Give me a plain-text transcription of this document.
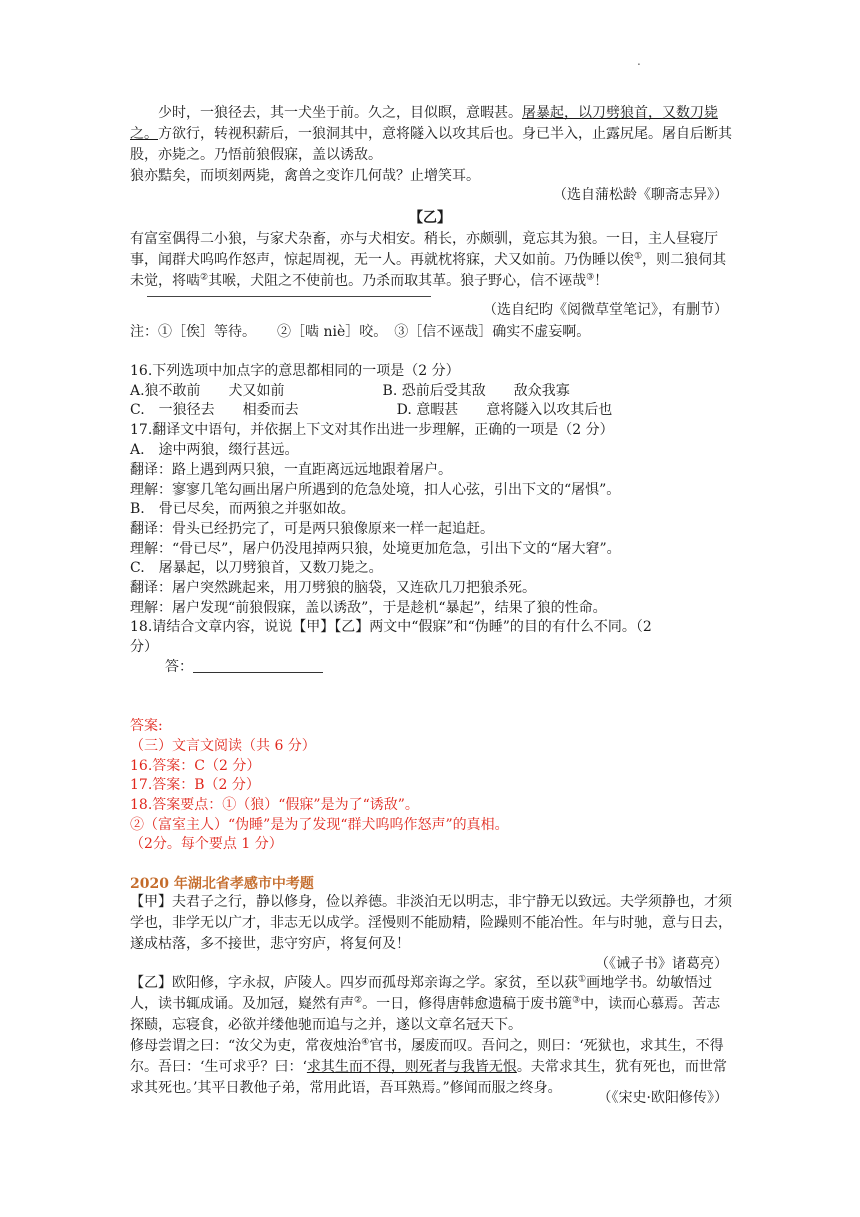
.
　　少时，一狼径去，其一犬坐于前。久之，目似瞑，意暇甚。屠暴起，以刀劈狼首，又数刀毙之。方欲行，转视积薪后，一狼洞其中，意将隧入以攻其后也。身已半入，止露尻尾。屠自后断其股，亦毙之。乃悟前狼假寐，盖以诱敌。
狼亦黠矣，而顷刻两毙，禽兽之变诈几何哉？止增笑耳。
（选自蒲松龄《聊斋志异》）
【乙】
有富室偶得二小狼，与家犬杂畜，亦与犬相安。稍长，亦颇驯，竟忘其为狼。一日，主人昼寝厅事，闻群犬呜呜作怒声，惊起周视，无一人。再就枕将寐，犬又如前。乃伪睡以俟①，则二狼伺其未觉，将啮②其喉，犬阻之不使前也。乃杀而取其革。狼子野心，信不诬哉③！
（选自纪昀《阅微草堂笔记》，有删节）
注：①［俟］等待。　　②［啮 niè］咬。　③［信不诬哉］确实不虚妄啊。
16.下列选项中加点字的意思都相同的一项是（2 分）
A.狼不敢前　　犬又如前　　　　　　　B. 恐前后受其敌　　敌众我寡
C.　一狼径去　　相委而去　　　　　　　D. 意暇甚　　意将隧入以攻其后也
17.翻译文中语句，并依据上下文对其作出进一步理解，正确的一项是（2 分）
A.　途中两狼，缀行甚远。
翻译：路上遇到两只狼，一直距离远远地跟着屠户。
理解：寥寥几笔勾画出屠户所遇到的危急处境，扣人心弦，引出下文的“屠惧”。
B.　骨已尽矣，而两狼之并驱如故。
翻译：骨头已经扔完了，可是两只狼像原来一样一起追赶。
理解：“骨已尽”，屠户仍没甩掉两只狼，处境更加危急，引出下文的“屠大窘”。
C.　屠暴起，以刀劈狼首，又数刀毙之。
翻译：屠户突然跳起来，用刀劈狼的脑袋，又连砍几刀把狼杀死。
理解：屠户发现“前狼假寐，盖以诱敌”，于是趁机“暴起”，结果了狼的性命。
18.请结合文章内容，说说【甲】【乙】两文中“假寐”和“伪睡”的目的有什么不同。（2
分）
答：
答案:
（三）文言文阅读（共 6 分）
16.答案：C（2 分）
17.答案：B（2 分）
18.答案要点：①（狼）“假寐”是为了“诱敌”。
②（富室主人）“伪睡”是为了发现“群犬呜呜作怒声”的真相。
（2分。每个要点 1 分）
2020 年湖北省孝感市中考题
【甲】夫君子之行，静以修身，俭以养德。非淡泊无以明志，非宁静无以致远。夫学须静也，才须学也，非学无以广才，非志无以成学。淫慢则不能励精，险躁则不能冶性。年与时驰，意与日去，遂成枯落，多不接世，悲守穷庐，将复何及！
（《诫子书》诸葛亮）
【乙】欧阳修，字永叔，庐陵人。四岁而孤母郑亲诲之学。家贫，至以荻①画地学书。幼敏悟过人，读书辄成诵。及加冠，嶷然有声②。一日，修得唐韩愈遗稿于废书簏③中，读而心慕焉。苦志探赜，忘寝食，必欲并缕他驰而追与之并，遂以文章名冠天下。
修母尝谓之曰：“汝父为吏，常夜烛治④官书，屡废而叹。吾问之，则曰：‘死狱也，求其生，不得尔。吾曰：‘生可求乎？曰：‘求其生而不得，则死者与我皆无恨。夫常求其生，犹有死也，而世常求其死也。’其平日教他子弟，常用此语，吾耳熟焉。”修闻而服之终身。
（《宋史·欧阳修传》）
